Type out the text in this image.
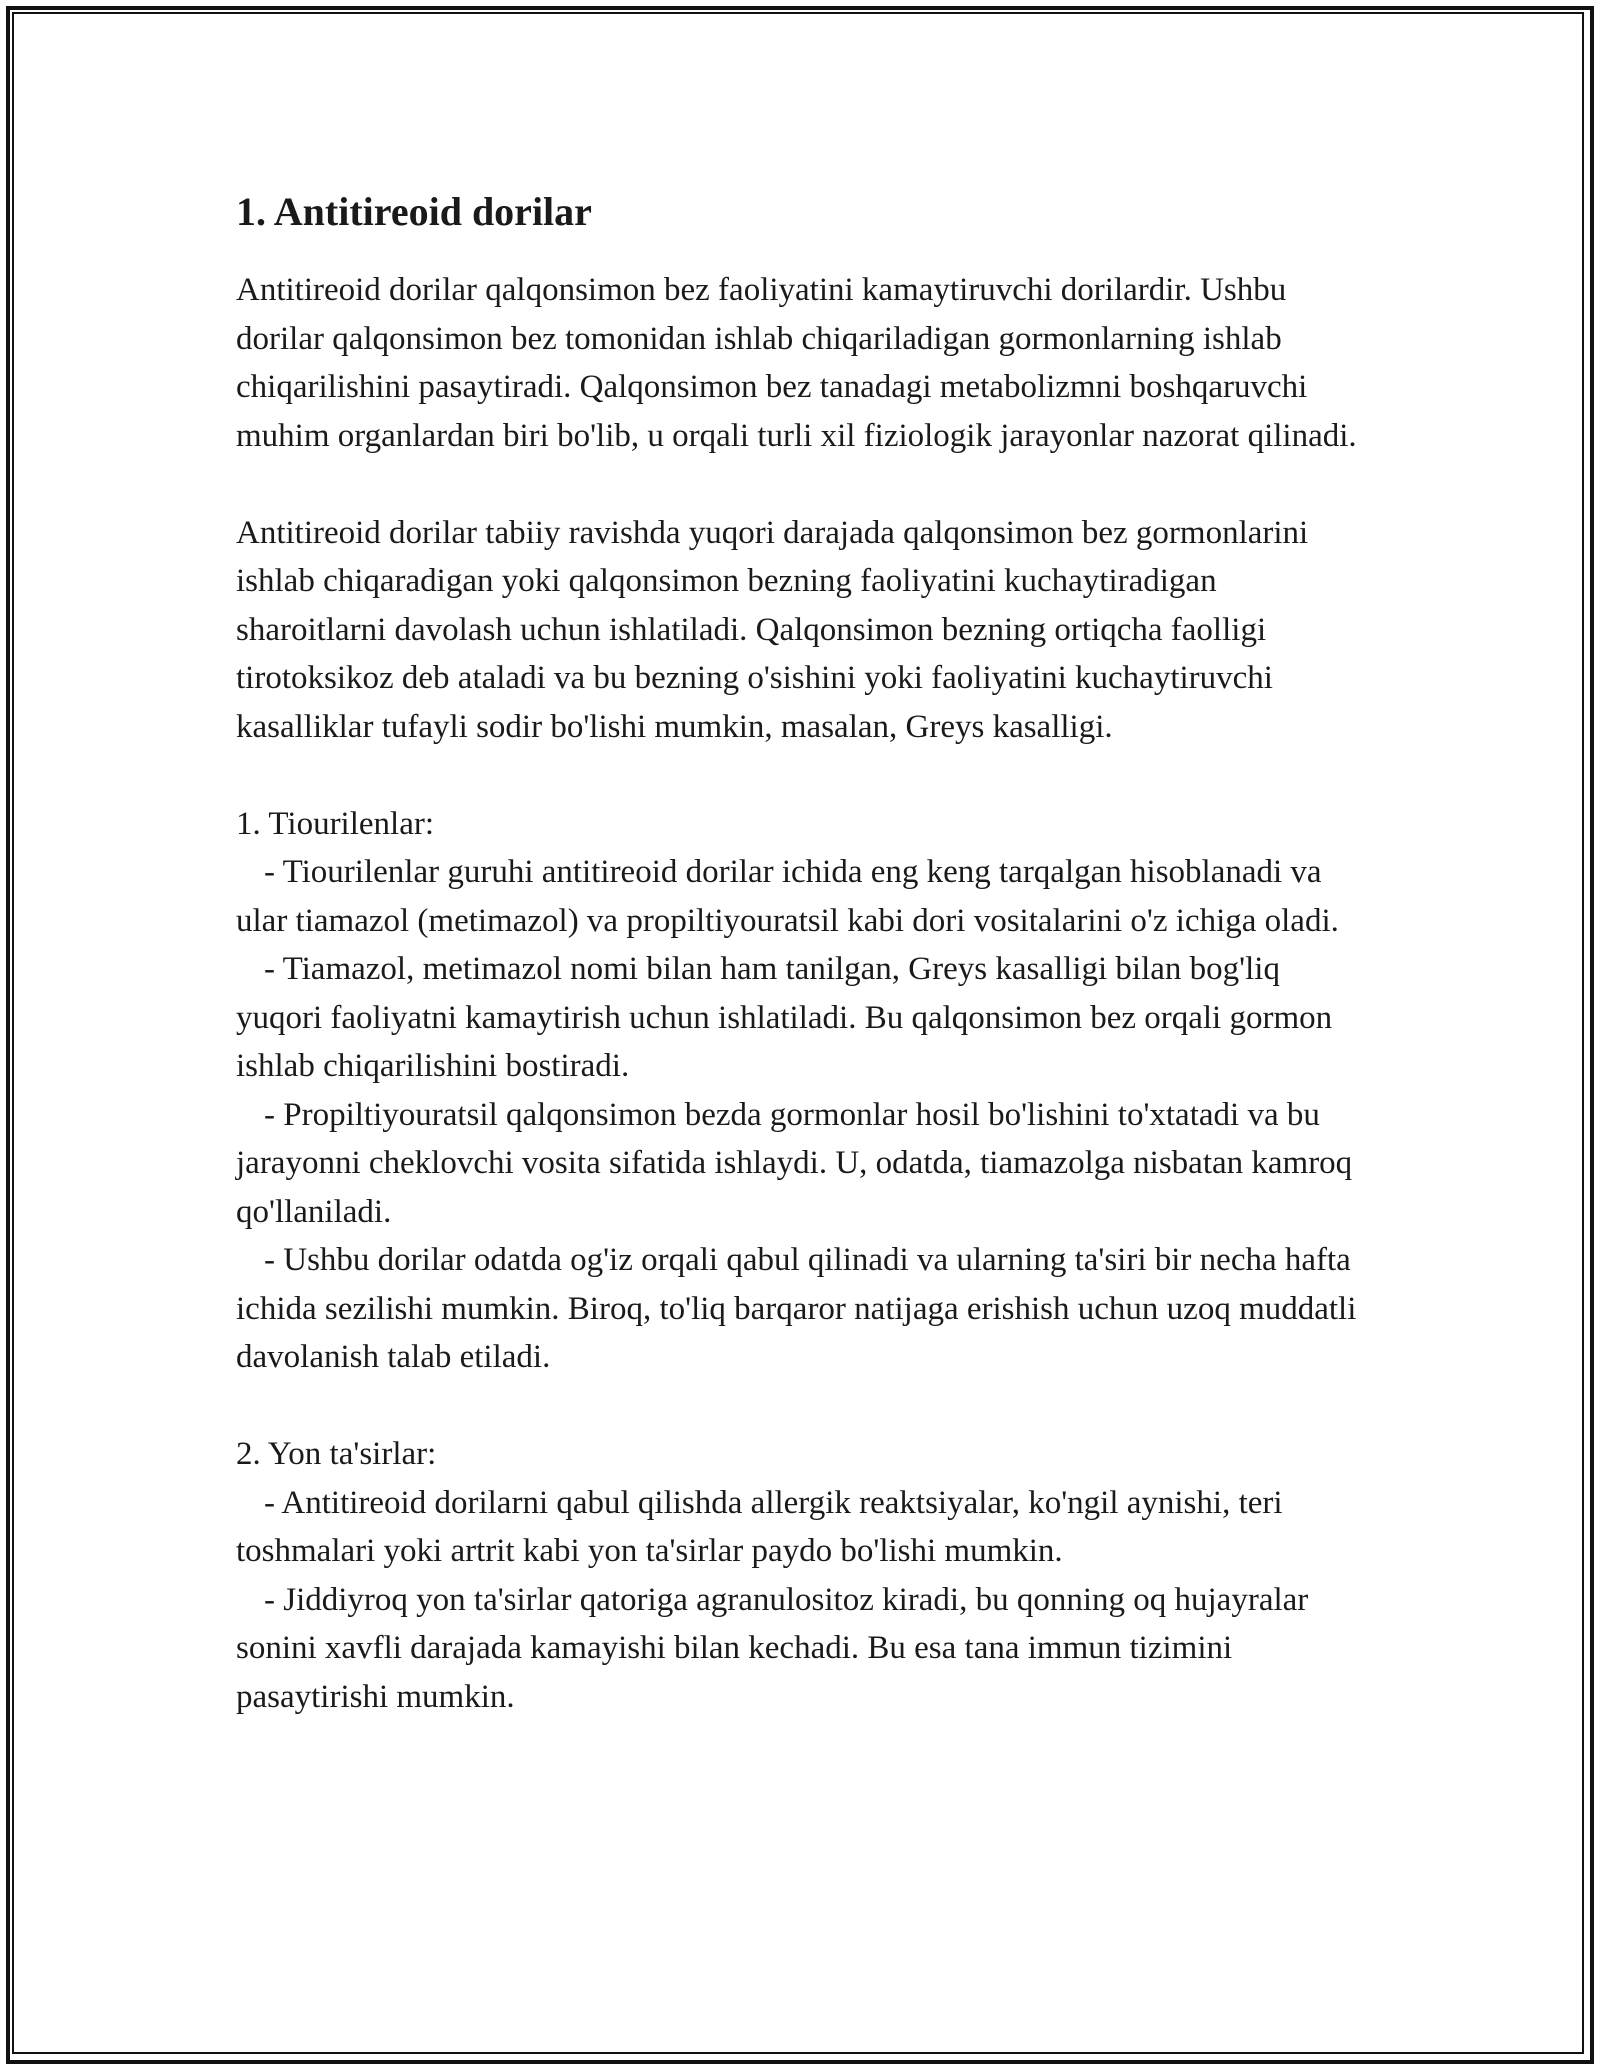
1. Antitireoid dorilar

Antitireoid dorilar qalqonsimon bez faoliyatini kamaytiruvchi dorilardir. Ushbu dorilar qalqonsimon bez tomonidan ishlab chiqariladigan gormonlarning ishlab chiqarilishini pasaytiradi. Qalqonsimon bez tanadagi metabolizmni boshqaruvchi muhim organlardan biri bo'lib, u orqali turli xil fiziologik jarayonlar nazorat qilinadi.

Antitireoid dorilar tabiiy ravishda yuqori darajada qalqonsimon bez gormonlarini ishlab chiqaradigan yoki qalqonsimon bezning faoliyatini kuchaytiradigan sharoitlarni davolash uchun ishlatiladi. Qalqonsimon bezning ortiqcha faolligi tirotoksikoz deb ataladi va bu bezning o'sishini yoki faoliyatini kuchaytiruvchi kasalliklar tufayli sodir bo'lishi mumkin, masalan, Greys kasalligi.

1. Tiourilenlar:

- Tiourilenlar guruhi antitireoid dorilar ichida eng keng tarqalgan hisoblanadi va ular tiamazol (metimazol) va propiltiyouratsil kabi dori vositalarini o'z ichiga oladi.

- Tiamazol, metimazol nomi bilan ham tanilgan, Greys kasalligi bilan bog'liq yuqori faoliyatni kamaytirish uchun ishlatiladi. Bu qalqonsimon bez orqali gormon ishlab chiqarilishini bostiradi.

- Propiltiyouratsil qalqonsimon bezda gormonlar hosil bo'lishini to'xtatadi va bu jarayonni cheklovchi vosita sifatida ishlaydi. U, odatda, tiamazolga nisbatan kamroq qo'llaniladi.

- Ushbu dorilar odatda og'iz orqali qabul qilinadi va ularning ta'siri bir necha hafta ichida sezilishi mumkin. Biroq, to'liq barqaror natijaga erishish uchun uzoq muddatli davolanish talab etiladi.

2. Yon ta'sirlar:

- Antitireoid dorilarni qabul qilishda allergik reaktsiyalar, ko'ngil aynishi, teri toshmalari yoki artrit kabi yon ta'sirlar paydo bo'lishi mumkin.

- Jiddiyroq yon ta'sirlar qatoriga agranulositoz kiradi, bu qonning oq hujayralar sonini xavfli darajada kamayishi bilan kechadi. Bu esa tana immun tizimini pasaytirishi mumkin.
